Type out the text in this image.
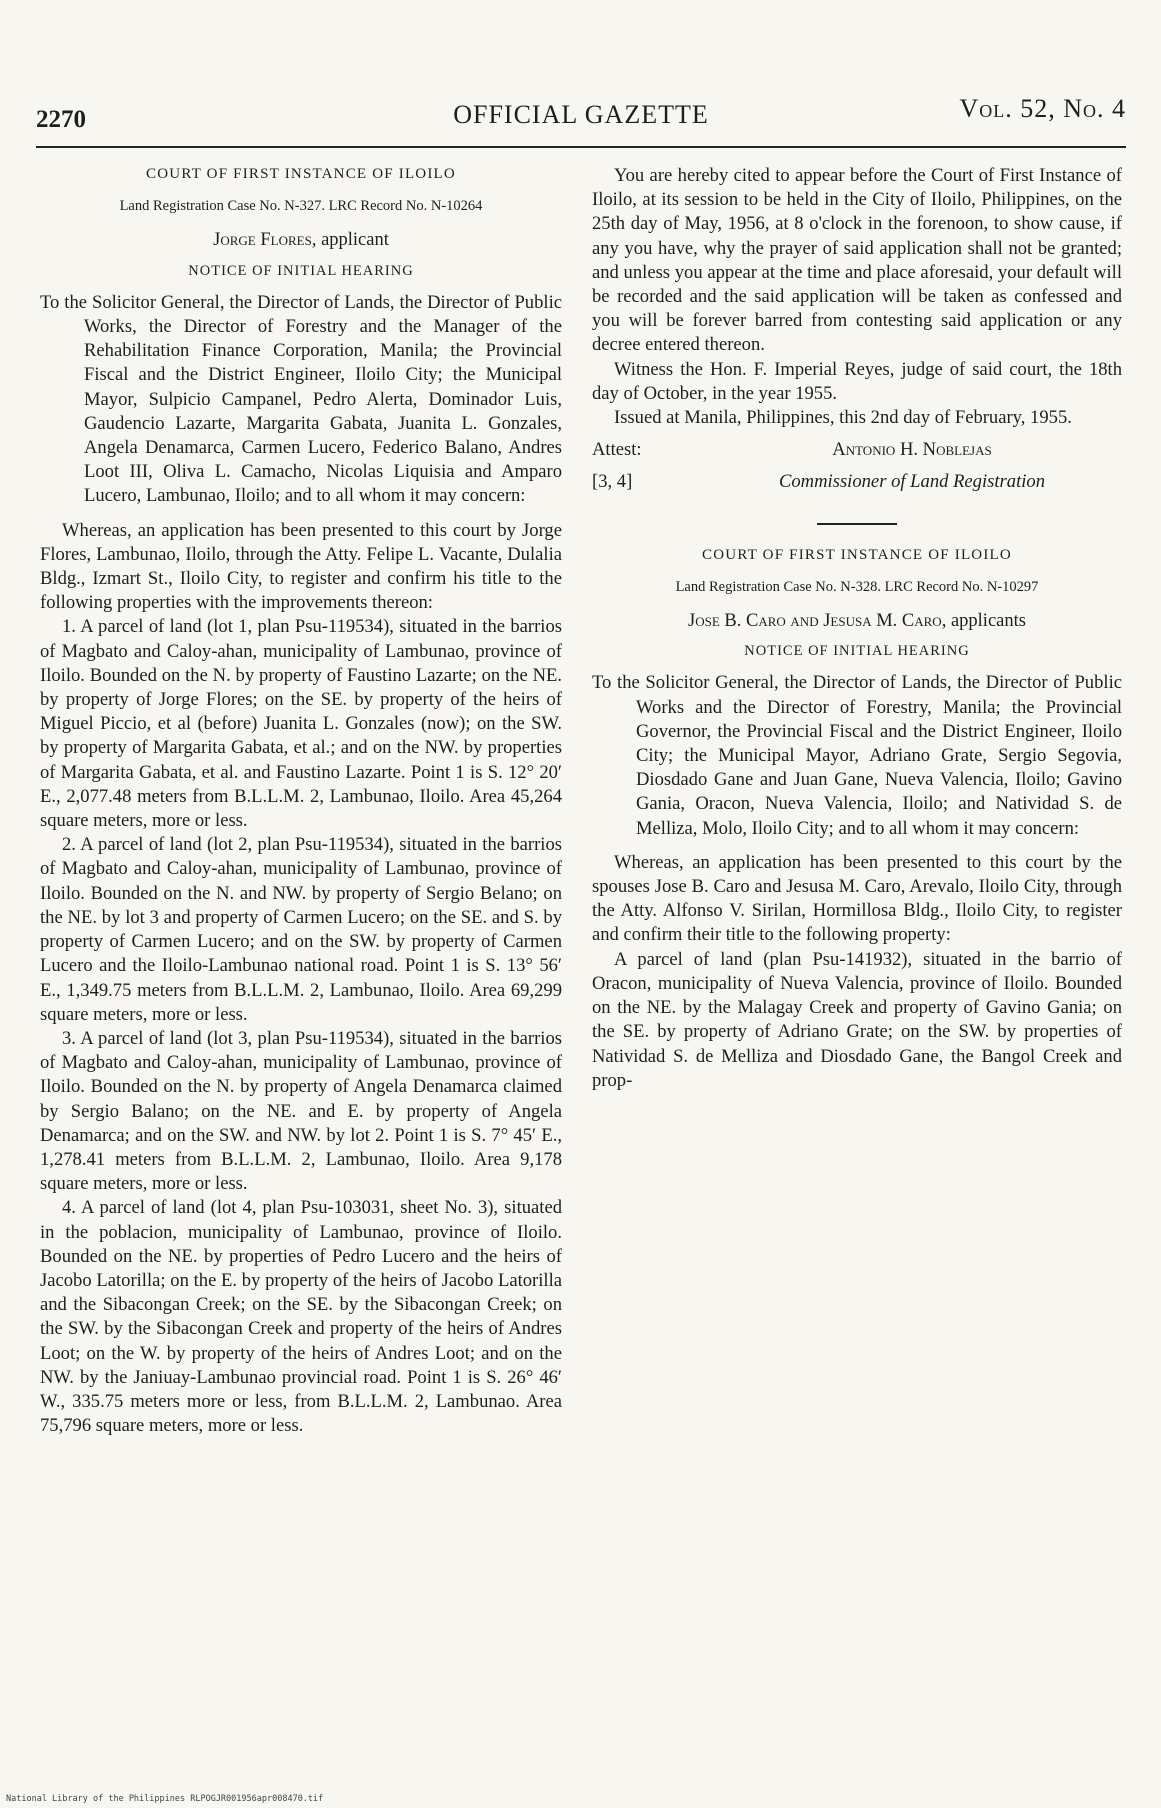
2270	OFFICIAL GAZETTE	Vol. 52, No. 4
COURT OF FIRST INSTANCE OF ILOILO
Land Registration Case No. N-327. LRC Record No. N-10264
Jorge Flores, applicant
NOTICE OF INITIAL HEARING

To the Solicitor General, the Director of Lands, the Director of Public Works, the Director of Forestry and the Manager of the Rehabilitation Finance Corporation, Manila; the Provincial Fiscal and the District Engineer, Iloilo City; the Municipal Mayor, Sulpicio Campanel, Pedro Alerta, Dominador Luis, Gaudencio Lazarte, Margarita Gabata, Juanita L. Gonzales, Angela Denamarca, Carmen Lucero, Federico Balano, Andres Loot III, Oliva L. Camacho, Nicolas Liquisia and Amparo Lucero, Lambunao, Iloilo; and to all whom it may concern:

Whereas, an application has been presented to this court by Jorge Flores, Lambunao, Iloilo, through the Atty. Felipe L. Vacante, Dulalia Bldg., Izmart St., Iloilo City, to register and confirm his title to the following properties with the improvements thereon:

1. A parcel of land (lot 1, plan Psu-119534), situated in the barrios of Magbato and Caloy-ahan, municipality of Lambunao, province of Iloilo. Bounded on the N. by property of Faustino Lazarte; on the NE. by property of Jorge Flores; on the SE. by property of the heirs of Miguel Piccio, et al (before) Juanita L. Gonzales (now); on the SW. by property of Margarita Gabata, et al.; and on the NW. by properties of Margarita Gabata, et al. and Faustino Lazarte. Point 1 is S. 12° 20′ E., 2,077.48 meters from B.L.L.M. 2, Lambunao, Iloilo. Area 45,264 square meters, more or less.

2. A parcel of land (lot 2, plan Psu-119534), situated in the barrios of Magbato and Caloy-ahan, municipality of Lambunao, province of Iloilo. Bounded on the N. and NW. by property of Sergio Belano; on the NE. by lot 3 and property of Carmen Lucero; on the SE. and S. by property of Carmen Lucero; and on the SW. by property of Carmen Lucero and the Iloilo-Lambunao national road. Point 1 is S. 13° 56′ E., 1,349.75 meters from B.L.L.M. 2, Lambunao, Iloilo. Area 69,299 square meters, more or less.

3. A parcel of land (lot 3, plan Psu-119534), situated in the barrios of Magbato and Caloy-ahan, municipality of Lambunao, province of Iloilo. Bounded on the N. by property of Angela Denamarca claimed by Sergio Balano; on the NE. and E. by property of Angela Denamarca; and on the SW. and NW. by lot 2. Point 1 is S. 7° 45′ E., 1,278.41 meters from B.L.L.M. 2, Lambunao, Iloilo. Area 9,178 square meters, more or less.

4. A parcel of land (lot 4, plan Psu-103031, sheet No. 3), situated in the poblacion, municipality of Lambunao, province of Iloilo. Bounded on the NE. by properties of Pedro Lucero and the heirs of Jacobo Latorilla; on the E. by property of the heirs of Jacobo Latorilla and the Sibacongan Creek; on the SE. by the Sibacongan Creek; on the SW. by the Sibacongan Creek and property of the heirs of Andres Loot; on the W. by property of the heirs of Andres Loot; and on the NW. by the Janiuay-Lambunao provincial road. Point 1 is S. 26° 46′ W., 335.75 meters more or less, from B.L.L.M. 2, Lambunao. Area 75,796 square meters, more or less.

You are hereby cited to appear before the Court of First Instance of Iloilo, at its session to be held in the City of Iloilo, Philippines, on the 25th day of May, 1956, at 8 o'clock in the forenoon, to show cause, if any you have, why the prayer of said application shall not be granted; and unless you appear at the time and place aforesaid, your default will be recorded and the said application will be taken as confessed and you will be forever barred from contesting said application or any decree entered thereon.

Witness the Hon. F. Imperial Reyes, judge of said court, the 18th day of October, in the year 1955.

Issued at Manila, Philippines, this 2nd day of February, 1955.

Attest:	Antonio H. Noblejas
[3, 4]	Commissioner of Land Registration
COURT OF FIRST INSTANCE OF ILOILO
Land Registration Case No. N-328. LRC Record No. N-10297
Jose B. Caro and Jesusa M. Caro, applicants
NOTICE OF INITIAL HEARING

To the Solicitor General, the Director of Lands, the Director of Public Works and the Director of Forestry, Manila; the Provincial Governor, the Provincial Fiscal and the District Engineer, Iloilo City; the Municipal Mayor, Adriano Grate, Sergio Segovia, Diosdado Gane and Juan Gane, Nueva Valencia, Iloilo; Gavino Gania, Oracon, Nueva Valencia, Iloilo; and Natividad S. de Melliza, Molo, Iloilo City; and to all whom it may concern:

Whereas, an application has been presented to this court by the spouses Jose B. Caro and Jesusa M. Caro, Arevalo, Iloilo City, through the Atty. Alfonso V. Sirilan, Hormillosa Bldg., Iloilo City, to register and confirm their title to the following property:

A parcel of land (plan Psu-141932), situated in the barrio of Oracon, municipality of Nueva Valencia, province of Iloilo. Bounded on the NE. by the Malagay Creek and property of Gavino Gania; on the SE. by property of Adriano Grate; on the SW. by properties of Natividad S. de Melliza and Diosdado Gane, the Bangol Creek and prop-

National Library of the Philippines RLPOGJR001956apr008470.tif
